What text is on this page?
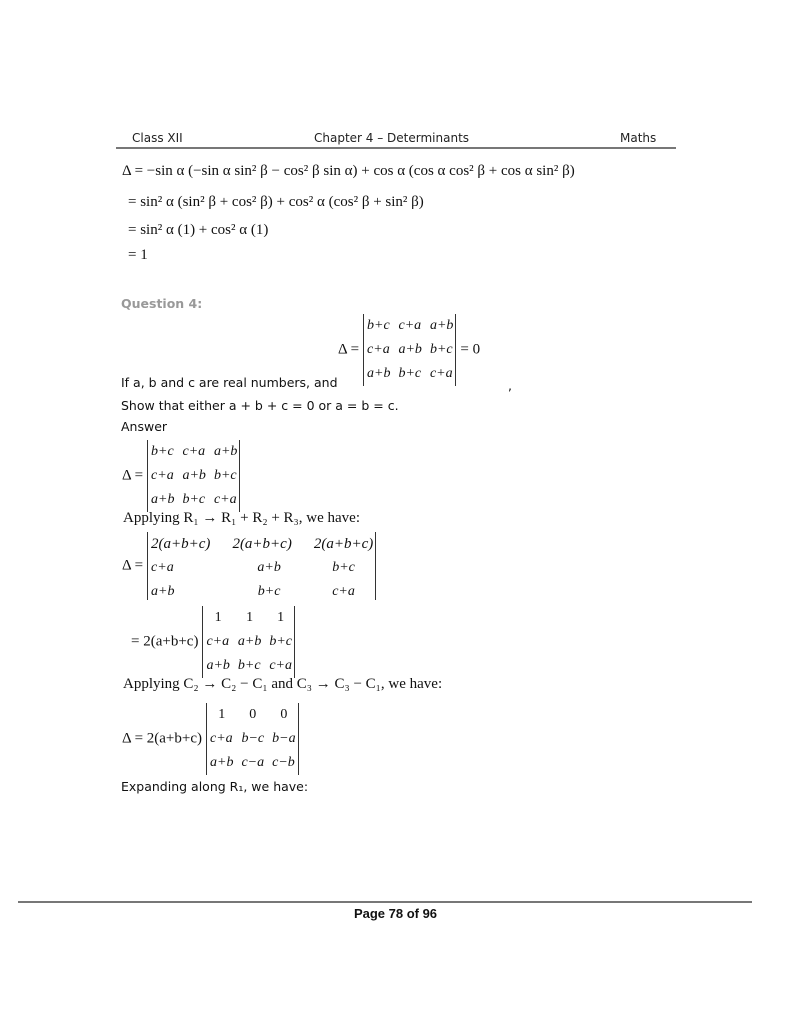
Class XII	Chapter 4 – Determinants	Maths
Δ = −sin α (−sin α sin² β − cos² β sin α) + cos α (cos α cos² β + cos α sin² β)
= sin² α (sin² β + cos² β) + cos² α (cos² β + sin² β)
= sin² α (1) + cos² α (1)
= 1
Question 4:
Δ =
b+c	c+a	a+b
c+a	a+b	b+c
a+b	b+c	c+a
= 0
If a, b and c are real numbers, and	,
Show that either a + b + c = 0 or a = b = c.
Answer
Δ =
b+c	c+a	a+b
c+a	a+b	b+c
a+b	b+c	c+a
Applying R₁ → R₁ + R₂ + R₃, we have:
Δ =
2(a+b+c)	2(a+b+c)	2(a+b+c)
c+a	a+b	b+c
a+b	b+c	c+a
= 2(a+b+c)
1	1	1
c+a	a+b	b+c
a+b	b+c	c+a
Applying C₂ → C₂ − C₁ and C₃ → C₃ − C₁, we have:
Δ = 2(a+b+c)
1	0	0
c+a	b−c	b−a
a+b	c−a	c−b
Expanding along R₁, we have:
Page 78 of 96
